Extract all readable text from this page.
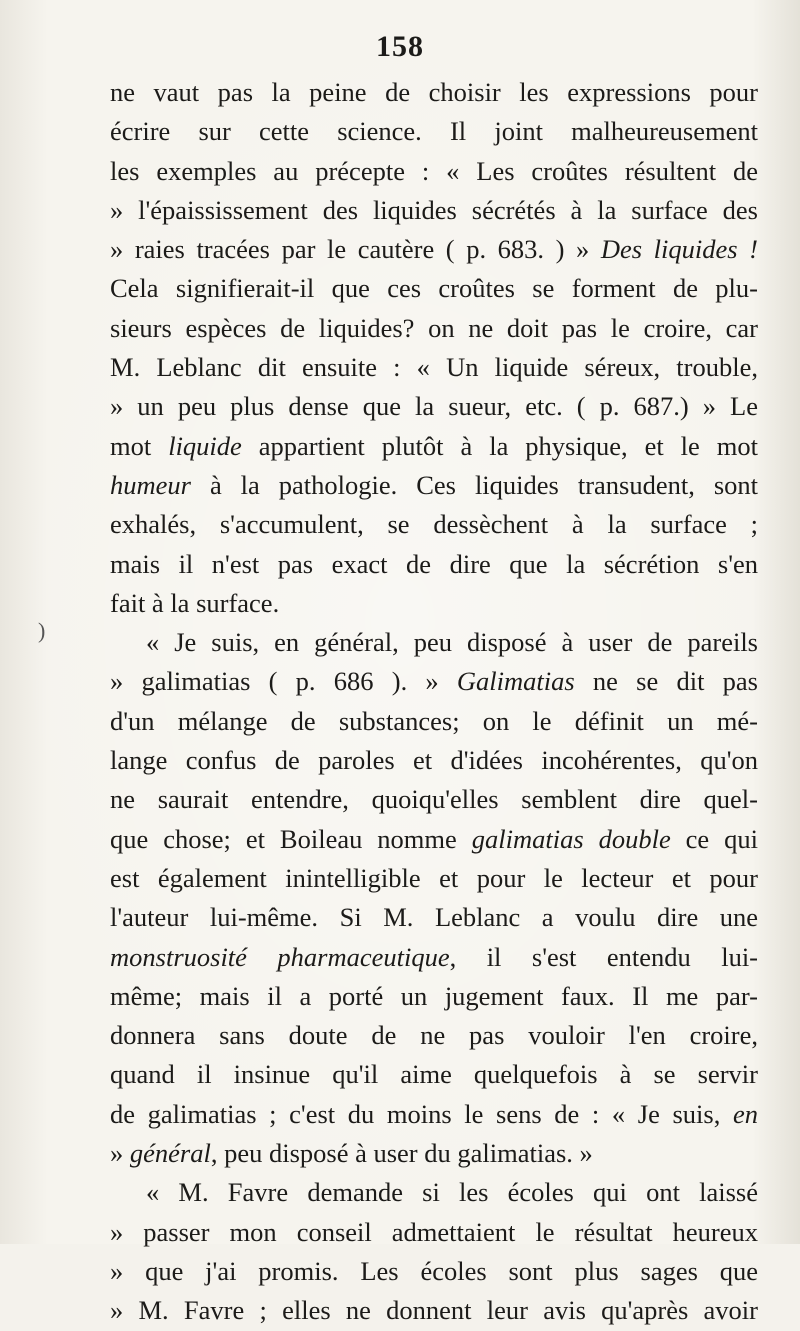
158
ne vaut pas la peine de choisir les expressions pour
écrire sur cette science. Il joint malheureusement
les exemples au précepte : « Les croûtes résultent de
» l'épaississement des liquides sécrétés à la surface des
» raies tracées par le cautère ( p. 683. ) » Des liquides !
Cela signifierait-il que ces croûtes se forment de plu-
sieurs espèces de liquides? on ne doit pas le croire, car
M. Leblanc dit ensuite : « Un liquide séreux, trouble,
» un peu plus dense que la sueur, etc. ( p. 687.) » Le
mot liquide appartient plutôt à la physique, et le mot
humeur à la pathologie. Ces liquides transudent, sont
exhalés, s'accumulent, se dessèchent à la surface ;
mais il n'est pas exact de dire que la sécrétion s'en
fait à la surface.
« Je suis, en général, peu disposé à user de pareils
» galimatias ( p. 686 ). » Galimatias ne se dit pas
d'un mélange de substances; on le définit un mé-
lange confus de paroles et d'idées incohérentes, qu'on
ne saurait entendre, quoiqu'elles semblent dire quel-
que chose; et Boileau nomme galimatias double ce qui
est également inintelligible et pour le lecteur et pour
l'auteur lui-même. Si M. Leblanc a voulu dire une
monstruosité pharmaceutique, il s'est entendu lui-
même; mais il a porté un jugement faux. Il me par-
donnera sans doute de ne pas vouloir l'en croire,
quand il insinue qu'il aime quelquefois à se servir
de galimatias ; c'est du moins le sens de : « Je suis, en
» général, peu disposé à user du galimatias. »
« M. Favre demande si les écoles qui ont laissé
» passer mon conseil admettaient le résultat heureux
» que j'ai promis. Les écoles sont plus sages que
» M. Favre ; elles ne donnent leur avis qu'après avoir
)
